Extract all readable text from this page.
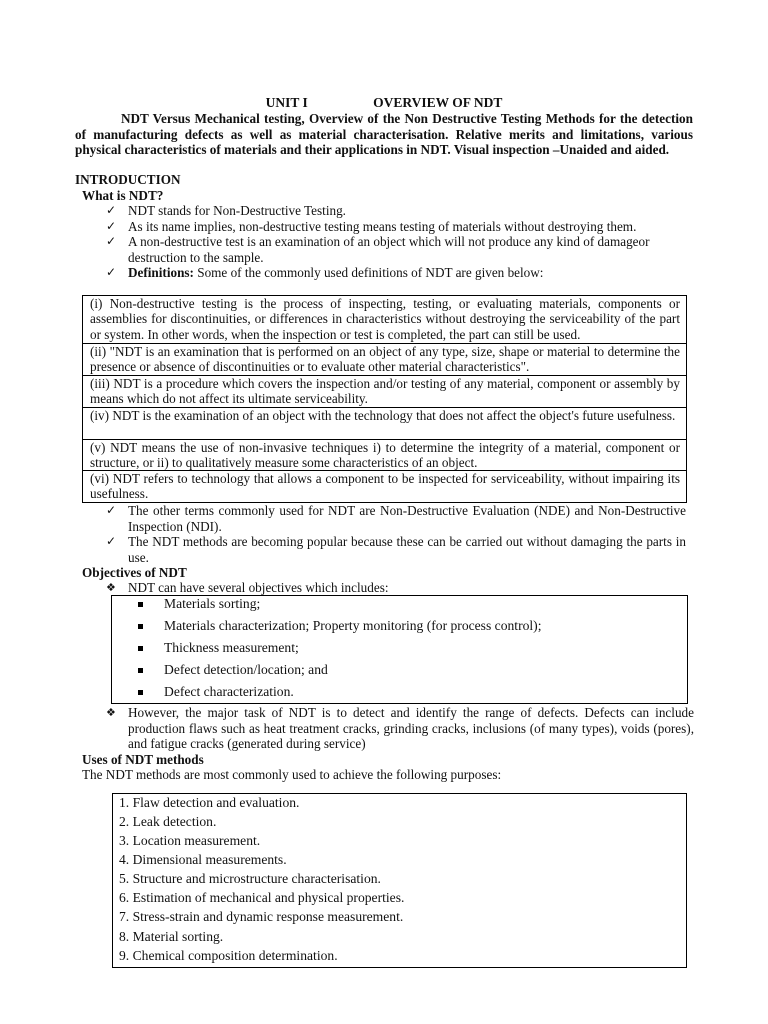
UNIT I	OVERVIEW OF NDT
NDT Versus Mechanical testing, Overview of the Non Destructive Testing Methods for the detection of manufacturing defects as well as material characterisation. Relative merits and limitations, various physical characteristics of materials and their applications in NDT. Visual inspection –Unaided and aided.
INTRODUCTION
What is NDT?
✓ NDT stands for Non-Destructive Testing.
✓ As its name implies, non-destructive testing means testing of materials without destroying them.
✓ A non-destructive test is an examination of an object which will not produce any kind of damageor destruction to the sample.
✓ Definitions: Some of the commonly used definitions of NDT are given below:
(i) Non-destructive testing is the process of inspecting, testing, or evaluating materials, components or assemblies for discontinuities, or differences in characteristics without destroying the serviceability of the part or system. In other words, when the inspection or test is completed, the part can still be used.
(ii) "NDT is an examination that is performed on an object of any type, size, shape or material to determine the presence or absence of discontinuities or to evaluate other material characteristics".
(iii) NDT is a procedure which covers the inspection and/or testing of any material, component or assembly by means which do not affect its ultimate serviceability.
(iv) NDT is the examination of an object with the technology that does not affect the object's future usefulness.
(v) NDT means the use of non-invasive techniques i) to determine the integrity of a material, component or structure, or ii) to qualitatively measure some characteristics of an object.
(vi) NDT refers to technology that allows a component to be inspected for serviceability, without impairing its usefulness.
✓ The other terms commonly used for NDT are Non-Destructive Evaluation (NDE) and Non-Destructive Inspection (NDI).
✓ The NDT methods are becoming popular because these can be carried out without damaging the parts in use.
Objectives of NDT
❖ NDT can have several objectives which includes:
Materials sorting;
Materials characterization; Property monitoring (for process control);
Thickness measurement;
Defect detection/location; and
Defect characterization.
❖ However, the major task of NDT is to detect and identify the range of defects. Defects can include production flaws such as heat treatment cracks, grinding cracks, inclusions (of many types), voids (pores), and fatigue cracks (generated during service)
Uses of NDT methods
The NDT methods are most commonly used to achieve the following purposes:
1. Flaw detection and evaluation.
2. Leak detection.
3. Location measurement.
4. Dimensional measurements.
5. Structure and microstructure characterisation.
6. Estimation of mechanical and physical properties.
7. Stress-strain and dynamic response measurement.
8. Material sorting.
9. Chemical composition determination.
